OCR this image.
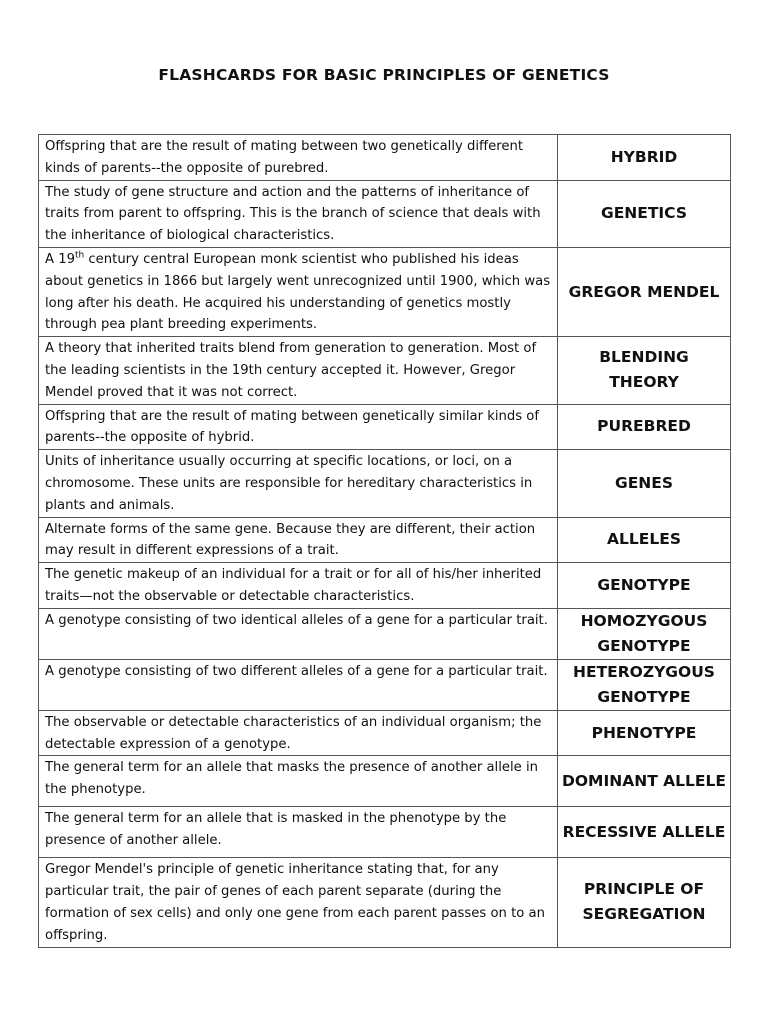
FLASHCARDS FOR BASIC PRINCIPLES OF GENETICS
Offspring that are the result of mating between two genetically different kinds of parents--the opposite of purebred.	HYBRID
The study of gene structure and action and the patterns of inheritance of traits from parent to offspring. This is the branch of science that deals with the inheritance of biological characteristics.	GENETICS
A 19th century central European monk scientist who published his ideas about genetics in 1866 but largely went unrecognized until 1900, which was long after his death. He acquired his understanding of genetics mostly through pea plant breeding experiments.	GREGOR MENDEL
A theory that inherited traits blend from generation to generation. Most of the leading scientists in the 19th century accepted it. However, Gregor Mendel proved that it was not correct.	BLENDING THEORY
Offspring that are the result of mating between genetically similar kinds of parents--the opposite of hybrid.	PUREBRED
Units of inheritance usually occurring at specific locations, or loci, on a chromosome. These units are responsible for hereditary characteristics in plants and animals.	GENES
Alternate forms of the same gene. Because they are different, their action may result in different expressions of a trait.	ALLELES
The genetic makeup of an individual for a trait or for all of his/her inherited traits—not the observable or detectable characteristics.	GENOTYPE
A genotype consisting of two identical alleles of a gene for a particular trait.	HOMOZYGOUS GENOTYPE
A genotype consisting of two different alleles of a gene for a particular trait.	HETEROZYGOUS GENOTYPE
The observable or detectable characteristics of an individual organism; the detectable expression of a genotype.	PHENOTYPE
The general term for an allele that masks the presence of another allele in the phenotype.	DOMINANT ALLELE
The general term for an allele that is masked in the phenotype by the presence of another allele.	RECESSIVE ALLELE
Gregor Mendel's principle of genetic inheritance stating that, for any particular trait, the pair of genes of each parent separate (during the formation of sex cells) and only one gene from each parent passes on to an offspring.	PRINCIPLE OF SEGREGATION
